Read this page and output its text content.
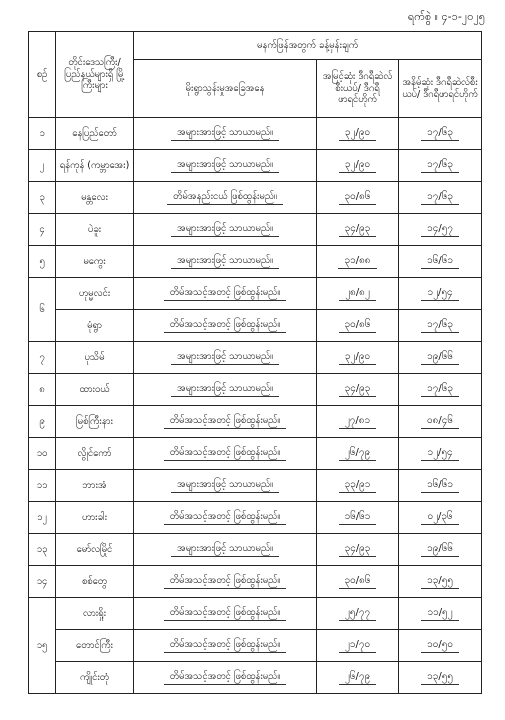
ရက်စွဲ ။ ၄-၁-၂၀၂၅
စဉ်	တိုင်းဒေသကြီး/ ပြည်နယ်များရှိ မြို့ကြီးများ	မနက်ဖြန်အတွက် ခန့်မှန်းချက်		
		မိုးရွာသွန်းမှုအခြေအနေ	အမြင့်ဆုံး ဒီဂရီဆဲလ်စီးယပ်/ ဒီဂရီဖာရင်ဟိုက်	အနိမ့်ဆုံး ဒီဂရီဆဲလ်စီးယပ်/ ဒီဂရီဖာရင်ဟိုက်
၁	နေပြည်တော်	အများအားဖြင့် သာယာမည်။	၃၂/၉၀	၁၇/၆၃
၂	ရန်ကုန် (ကမ္ဘာအေး)	အများအားဖြင့် သာယာမည်။	၃၂/၉၀	၁၇/၆၃
၃	မန္တလေး	တိမ်အနည်းငယ် ဖြစ်ထွန်းမည်။	၃၀/၈၆	၁၇/၆၃
၄	ပဲခူး	အများအားဖြင့် သာယာမည်။	၃၄/၉၃	၁၄/၅၇
၅	မကွေး	အများအားဖြင့် သာယာမည်။	၃၁/၈၈	၁၆/၆၁
၆	ဟုမ္မလင်း	တိမ်အသင့်အတင့် ဖြစ်ထွန်းမည်။	၂၈/၈၂	၁၂/၅၄
	မုံရွာ	တိမ်အသင့်အတင့် ဖြစ်ထွန်းမည်။	၃၀/၈၆	၁၇/၆၃
၇	ပုသိမ်	အများအားဖြင့် သာယာမည်။	၃၂/၉၀	၁၉/၆၆
၈	ထားဝယ်	အများအားဖြင့် သာယာမည်။	၃၄/၉၃	၁၇/၆၃
၉	မြစ်ကြီးနား	တိမ်အသင့်အတင့် ဖြစ်ထွန်းမည်။	၂၇/၈၁	၀၈/၄၆
၁၀	လွိုင်ကော်	တိမ်အသင့်အတင့် ဖြစ်ထွန်းမည်။	၂၆/၇၉	၁၂/၅၄
၁၁	ဘားအံ	အများအားဖြင့် သာယာမည်။	၃၃/၉၁	၁၆/၆၁
၁၂	ဟားခါး	တိမ်အသင့်အတင့် ဖြစ်ထွန်းမည်။	၁၆/၆၁	၀၂/၃၆
၁၃	မော်လမြိုင်	အများအားဖြင့် သာယာမည်။	၃၄/၉၃	၁၉/၆၆
၁၄	စစ်တွေ	တိမ်အသင့်အတင့် ဖြစ်ထွန်းမည်။	၃၀/၈၆	၁၃/၅၅
၁၅	လားရှိုး	တိမ်အသင့်အတင့် ဖြစ်ထွန်းမည်။	၂၅/၇၇	၁၁/၅၂
	တောင်ကြီး	တိမ်အသင့်အတင့် ဖြစ်ထွန်းမည်။	၂၁/၇၀	၁၀/၅၀
	ကျိုင်းတုံ	တိမ်အသင့်အတင့် ဖြစ်ထွန်းမည်။	၂၆/၇၉	၁၃/၅၅
